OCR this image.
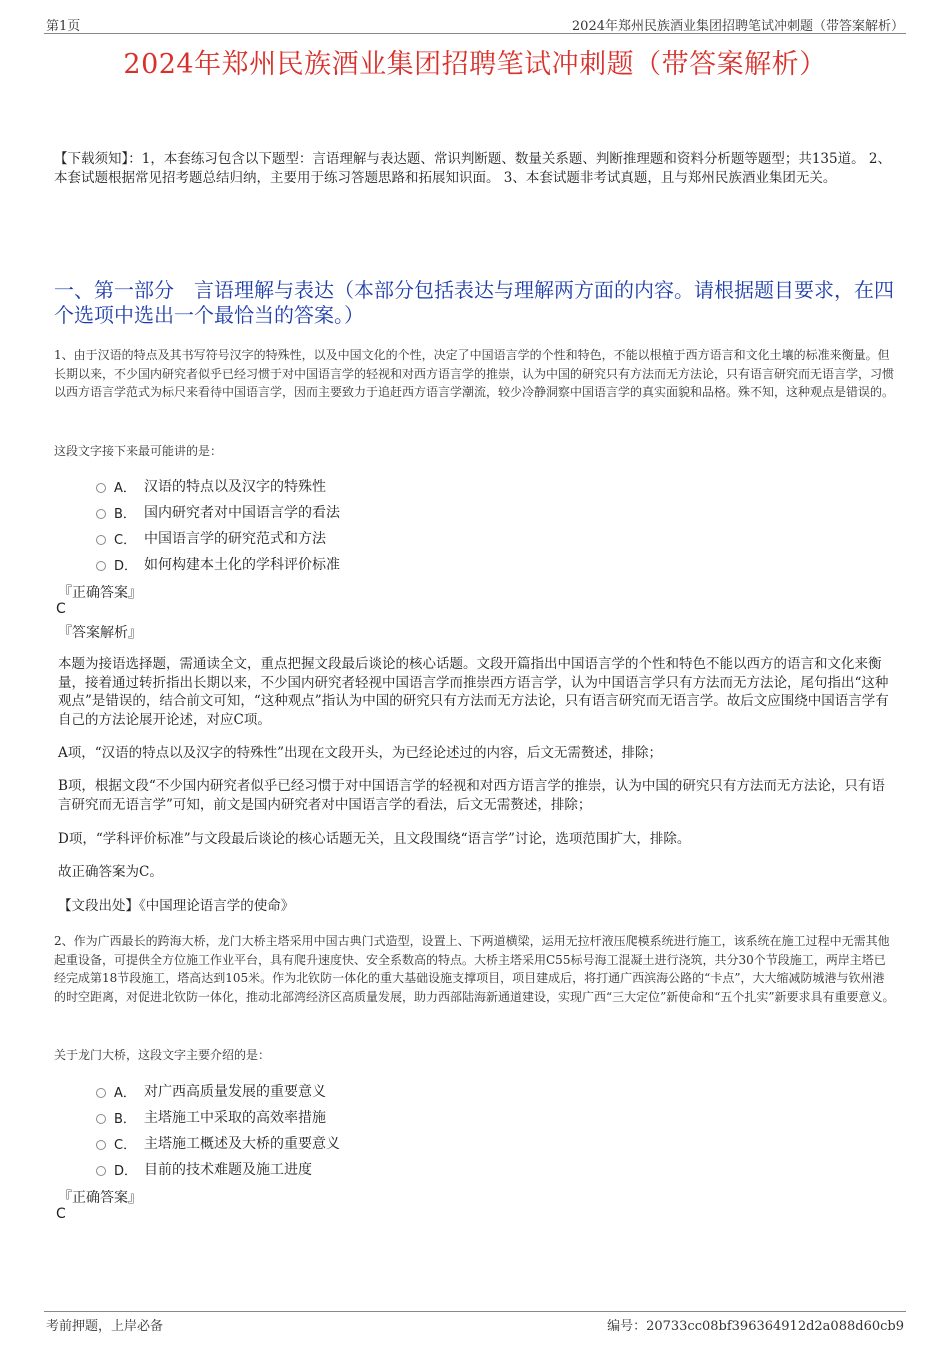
第1页	2024年郑州民族酒业集团招聘笔试冲刺题（带答案解析）
2024年郑州民族酒业集团招聘笔试冲刺题（带答案解析）
【下载须知】：1，本套练习包含以下题型：言语理解与表达题、常识判断题、数量关系题、判断推理题和资料分析题等题型；共135道。 2、本套试题根据常见招考题总结归纳，主要用于练习答题思路和拓展知识面。 3、本套试题非考试真题，且与郑州民族酒业集团无关。
一、第一部分　言语理解与表达（本部分包括表达与理解两方面的内容。请根据题目要求，在四个选项中选出一个最恰当的答案。）
1、由于汉语的特点及其书写符号汉字的特殊性，以及中国文化的个性，决定了中国语言学的个性和特色，不能以根植于西方语言和文化土壤的标准来衡量。但长期以来，不少国内研究者似乎已经习惯于对中国语言学的轻视和对西方语言学的推崇，认为中国的研究只有方法而无方法论，只有语言研究而无语言学，习惯以西方语言学范式为标尺来看待中国语言学，因而主要致力于追赶西方语言学潮流，较少冷静洞察中国语言学的真实面貌和品格。殊不知，这种观点是错误的。
这段文字接下来最可能讲的是：
A． 汉语的特点以及汉字的特殊性
B． 国内研究者对中国语言学的看法
C． 中国语言学的研究范式和方法
D． 如何构建本土化的学科评价标准
『正确答案』
C
『答案解析』
本题为接语选择题，需通读全文，重点把握文段最后谈论的核心话题。文段开篇指出中国语言学的个性和特色不能以西方的语言和文化来衡量，接着通过转折指出长期以来，不少国内研究者轻视中国语言学而推崇西方语言学，认为中国语言学只有方法而无方法论，尾句指出“这种观点”是错误的，结合前文可知，“这种观点”指认为中国的研究只有方法而无方法论，只有语言研究而无语言学。故后文应围绕中国语言学有自己的方法论展开论述，对应C项。
A项，“汉语的特点以及汉字的特殊性”出现在文段开头，为已经论述过的内容，后文无需赘述，排除；
B项，根据文段“不少国内研究者似乎已经习惯于对中国语言学的轻视和对西方语言学的推崇，认为中国的研究只有方法而无方法论，只有语言研究而无语言学”可知，前文是国内研究者对中国语言学的看法，后文无需赘述，排除；
D项，“学科评价标准”与文段最后谈论的核心话题无关，且文段围绕“语言学”讨论，选项范围扩大，排除。
故正确答案为C。
【文段出处】《中国理论语言学的使命》
2、作为广西最长的跨海大桥，龙门大桥主塔采用中国古典门式造型，设置上、下两道横梁，运用无拉杆液压爬模系统进行施工，该系统在施工过程中无需其他起重设备，可提供全方位施工作业平台，具有爬升速度快、安全系数高的特点。大桥主塔采用C55标号海工混凝土进行浇筑，共分30个节段施工，两岸主塔已经完成第18节段施工，塔高达到105米。作为北钦防一体化的重大基础设施支撑项目，项目建成后，将打通广西滨海公路的“卡点”，大大缩减防城港与钦州港的时空距离，对促进北钦防一体化，推动北部湾经济区高质量发展，助力西部陆海新通道建设，实现广西“三大定位”新使命和“五个扎实”新要求具有重要意义。
关于龙门大桥，这段文字主要介绍的是：
A． 对广西高质量发展的重要意义
B． 主塔施工中采取的高效率措施
C． 主塔施工概述及大桥的重要意义
D． 目前的技术难题及施工进度
『正确答案』
C
考前押题，上岸必备	编号：20733cc08bf396364912d2a088d60cb9
